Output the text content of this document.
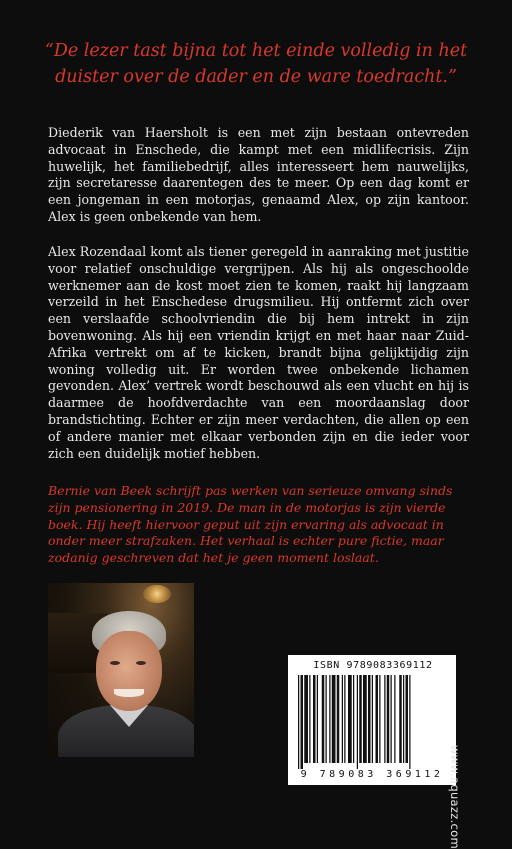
“De lezer tast bijna tot het einde volledig in het duister over de dader en de ware toedracht.”
Diederik van Haersholt is een met zijn bestaan ontevreden advocaat in Enschede, die kampt met een midlifecrisis. Zijn huwelijk, het familiebedrijf, alles interesseert hem nauwelijks, zijn secretaresse daarentegen des te meer. Op een dag komt er een jongeman in een motorjas, genaamd Alex, op zijn kantoor. Alex is geen onbekende van hem.
Alex Rozendaal komt als tiener geregeld in aanraking met justitie voor relatief onschuldige vergrijpen. Als hij als ongeschoolde werknemer aan de kost moet zien te komen, raakt hij langzaam verzeild in het Enschedese drugsmilieu. Hij ontfermt zich over een verslaafde schoolvriendin die bij hem intrekt in zijn bovenwoning. Als hij een vriendin krijgt en met haar naar Zuid-Afrika vertrekt om af te kicken, brandt bijna gelijktijdig zijn woning volledig uit. Er worden twee onbekende lichamen gevonden. Alex’ vertrek wordt beschouwd als een vlucht en hij is daarmee de hoofdverdachte van een moordaanslag door brandstichting. Echter er zijn meer verdachten, die allen op een of andere manier met elkaar verbonden zijn en die ieder voor zich een duidelijk motief hebben.
Bernie van Beek schrijft pas werken van serieuze omvang sinds zijn pensionering in 2019. De man in de motorjas is zijn vierde boek. Hij heeft hiervoor geput uit zijn ervaring als advocaat in onder meer strafzaken. Het verhaal is echter pure fictie, maar zodanig geschreven dat het je geen moment loslaat.
ISBN 9789083369112
9 789083 369112 www.aquazz.com
